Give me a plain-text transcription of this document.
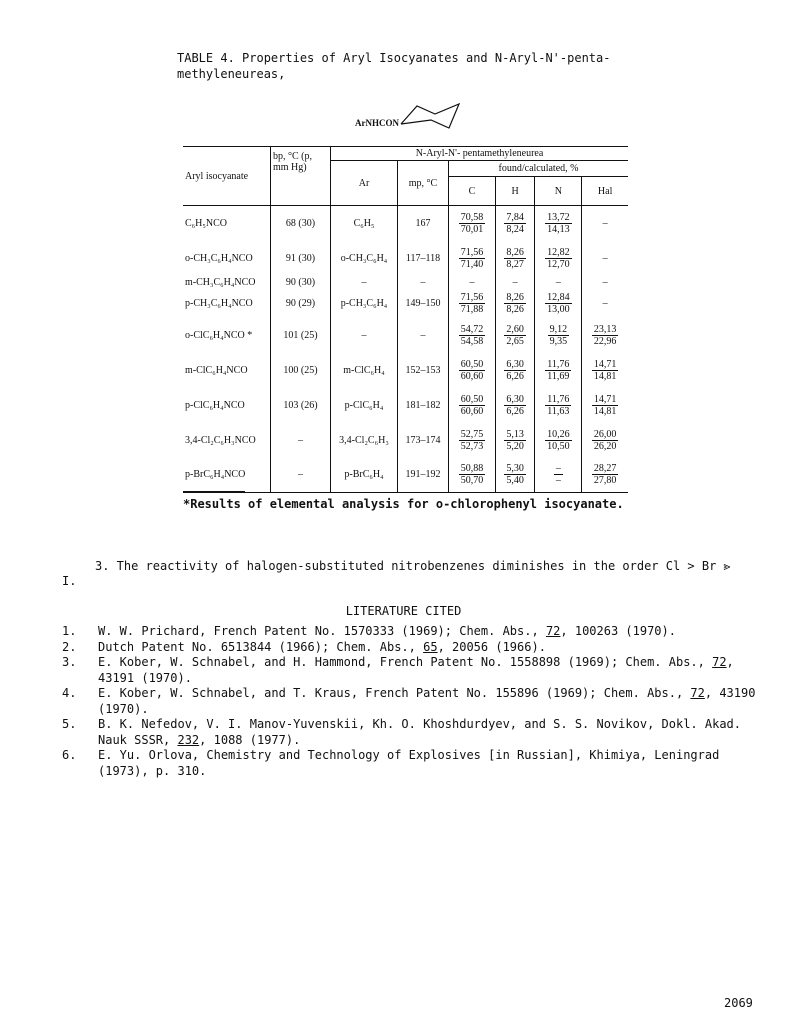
TABLE 4. Properties of Aryl Isocyanates and N-Aryl-N'-penta- methyleneureas,
ArNHCON
Aryl isocyanate	bp, °C (p, mm Hg)	N-Aryl-N'- pentamethyleneurea					
		Ar	mp, °C	found/calculated, %			
				C	H	N	Hal
C₆H₅NCO	68 (30)	C₆H₅	167	$\frac{70,58}{70,01}$	$\frac{7,84}{8,24}$	$\frac{13,72}{14,13}$	–
o-CH₃C₆H₄NCO	91 (30)	o-CH₃C₆H₄	117–118	$\frac{71,56}{71,40}$	$\frac{8,26}{8,27}$	$\frac{12,82}{12,70}$	–
m-CH₃C₆H₄NCO	90 (30)	–	–	–	–	–	–
p-CH₃C₆H₄NCO	90 (29)	p-CH₃C₆H₄	149–150	$\frac{71,56}{71,88}$	$\frac{8,26}{8,26}$	$\frac{12,84}{13,00}$	–
o-ClC₆H₄NCO *	101 (25)	–	–	$\frac{54,72}{54,58}$	$\frac{2,60}{2,65}$	$\frac{9,12}{9,35}$	$\frac{23,13}{22,96}$

m-ClC₆H₄NCO	100 (25)	m-ClC₆H₄	152–153	$\frac{60,50}{60,60}$	$\frac{6,30}{6,26}$	$\frac{11,76}{11,69}$	$\frac{14,71}{14,81}$

p-ClC₆H₄NCO	103 (26)	p-ClC₆H₄	181–182	$\frac{60,50}{60,60}$	$\frac{6,30}{6,26}$	$\frac{11,76}{11,63}$	$\frac{14,71}{14,81}$

3,4-Cl₂C₆H₃NCO	–	3,4-Cl₂C₆H₃	173–174	$\frac{52,75}{52,73}$	$\frac{5,13}{5,20}$	$\frac{10,26}{10,50}$	$\frac{26,00}{26,20}$

p-BrC₆H₄NCO	–	p-BrC₆H₄	191–192	$\frac{50,88}{50,70}$	$\frac{5,30}{5,40}$	$\frac{-}{-}$	$\frac{28,27}{27,80}$
*Results of elemental analysis for o-chlorophenyl isocyanate.
3. The reactivity of halogen-substituted nitrobenzenes diminishes in the order Cl > Br ⪢
I.
LITERATURE CITED
1.	W. W. Prichard, French Patent No. 1570333 (1969); Chem. Abs., 72, 100263 (1970).
2.	Dutch Patent No. 6513844 (1966); Chem. Abs., 65, 20056 (1966).
3.	E. Kober, W. Schnabel, and H. Hammond, French Patent No. 1558898 (1969); Chem. Abs., 72, 43191 (1970).
4.	E. Kober, W. Schnabel, and T. Kraus, French Patent No. 155896 (1969); Chem. Abs., 72, 43190 (1970).
5.	B. K. Nefedov, V. I. Manov-Yuvenskii, Kh. O. Khoshdurdyev, and S. S. Novikov, Dokl. Akad. Nauk SSSR, 232, 1088 (1977).
6.	E. Yu. Orlova, Chemistry and Technology of Explosives [in Russian], Khimiya, Leningrad (1973), p. 310.
2069
